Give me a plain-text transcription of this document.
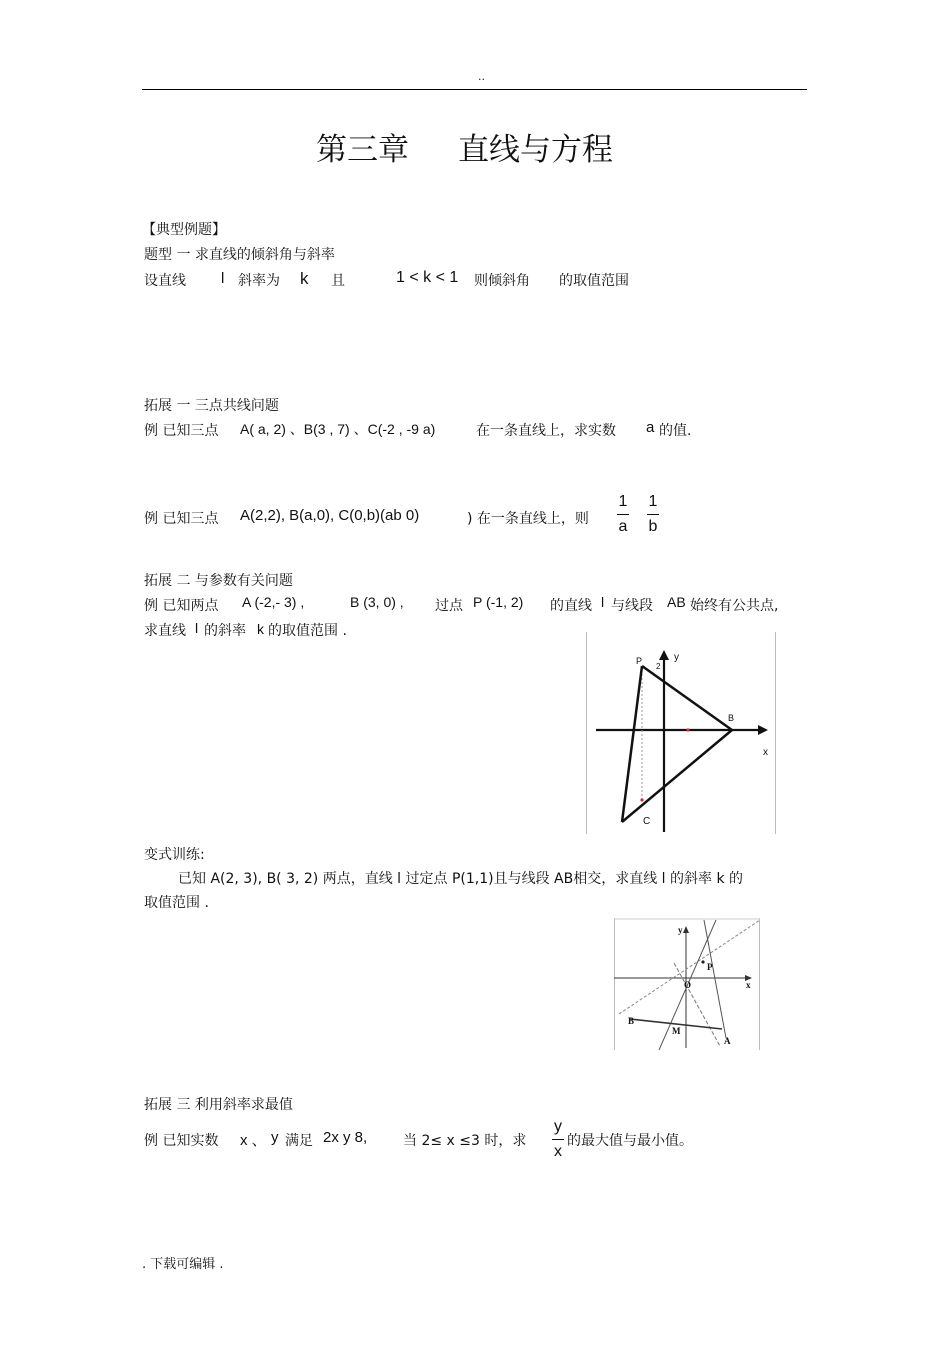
..
第三章 直线与方程
【典型例题】
题型 一 求直线的倾斜角与斜率
设直线 l 斜率为 k 且	1 < k < 1 则倾斜角 的取值范围
拓展 一 三点共线问题
例 已知三点 A( a, 2) 、B(3 , 7) 、C(-2 , -9 a)	在一条直线上，求实数 a 的值.
例 已知三点 A(2,2), B(a,0), C(0,b)(ab 0)	) 在一条直线上，则
1
a
1
b
拓展 二 与参数有关问题
例 已知两点 A (-2,- 3) ,	B (3, 0) , 过点 P (-1, 2) 的直线 l 与线段 AB 始终有公共点,
求直线 l 的斜率 k 的取值范围 .
P
2
y
B
x
C
变式训练:
已知 A(2, 3), B( 3, 2) 两点，直线 l 过定点 P(1,1)且与线段 AB相交，求直线 l 的斜率 k 的
取值范围 .
y
x
O
P
B
M
A
拓展 三 利用斜率求最值
例 已知实数 x 、 y 满足 2x y 8,	当 2≤ x ≤3 时，求
y
x
的最大值与最小值。
. 下载可编辑 .
